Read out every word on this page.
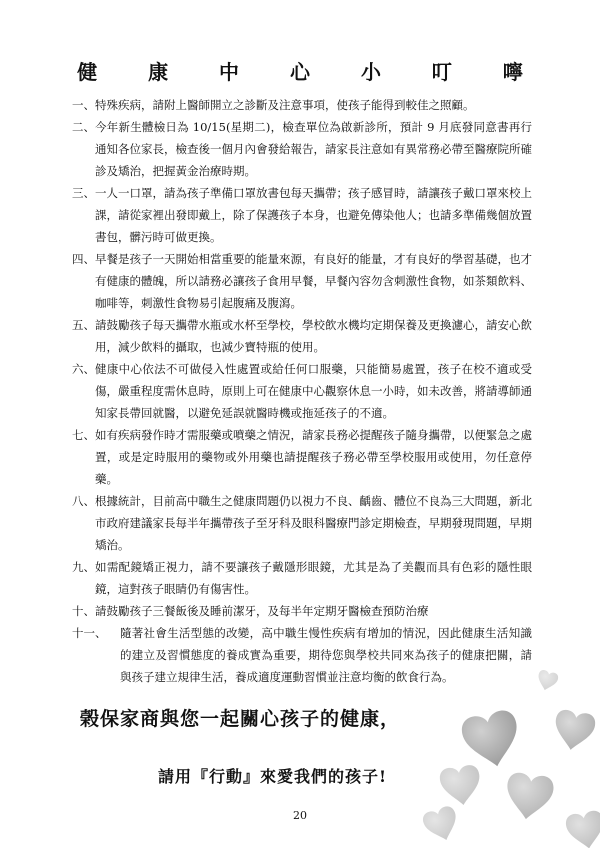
健 康 中 心 小 叮 嚀
一、 特殊疾病，請附上醫師開立之診斷及注意事項，使孩子能得到較佳之照顧。
二、 今年新生體檢日為 10/15(星期二)，檢查單位為啟新診所，預計 9 月底發同意書再行通知各位家長，檢查後一個月內會發給報告，請家長注意如有異常務必帶至醫療院所確診及矯治，把握黃金治療時期。
三、 一人一口罩，請為孩子準備口罩放書包每天攜帶；孩子感冒時，請讓孩子戴口罩來校上課，請從家裡出發即戴上，除了保護孩子本身，也避免傳染他人；也請多準備幾個放置書包，髒污時可做更換。
四、 早餐是孩子一天開始相當重要的能量來源，有良好的能量，才有良好的學習基礎，也才有健康的體魄，所以請務必讓孩子食用早餐，早餐內容勿含刺激性食物，如茶類飲料、咖啡等，刺激性食物易引起腹痛及腹瀉。
五、 請鼓勵孩子每天攜帶水瓶或水杯至學校，學校飲水機均定期保養及更換濾心，請安心飲用，減少飲料的攝取，也減少寶特瓶的使用。
六、 健康中心依法不可做侵入性處置或給任何口服藥，只能簡易處置，孩子在校不適或受傷，嚴重程度需休息時，原則上可在健康中心觀察休息一小時，如未改善，將請導師通知家長帶回就醫，以避免延誤就醫時機或拖延孩子的不適。
七、 如有疾病發作時才需服藥或噴藥之情況，請家長務必提醒孩子隨身攜帶，以便緊急之處置，或是定時服用的藥物或外用藥也請提醒孩子務必帶至學校服用或使用，勿任意停藥。
八、 根據統計，目前高中職生之健康問題仍以視力不良、齲齒、體位不良為三大問題，新北市政府建議家長每半年攜帶孩子至牙科及眼科醫療門診定期檢查，早期發現問題，早期矯治。
九、 如需配鏡矯正視力，請不要讓孩子戴隱形眼鏡，尤其是為了美觀而具有色彩的隱性眼鏡，這對孩子眼睛仍有傷害性。
十、 請鼓勵孩子三餐飯後及睡前潔牙，及每半年定期牙醫檢查預防治療
十一、	隨著社會生活型態的改變，高中職生慢性疾病有增加的情況，因此健康生活知識的建立及習慣態度的養成實為重要，期待您與學校共同來為孩子的健康把關，請與孩子建立規律生活，養成適度運動習慣並注意均衡的飲食行為。
榖保家商與您一起關心孩子的健康，
請用『行動』來愛我們的孩子!
20
